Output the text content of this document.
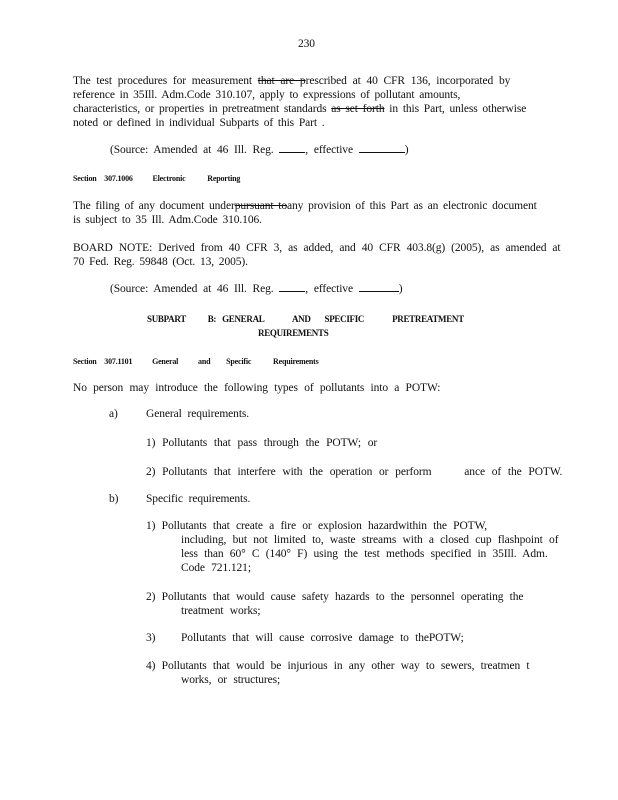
230
The test procedures for measurement that are prescribed at 40 CFR 136, incorporated by
reference in 35Ill. Adm.Code 310.107, apply to expressions of pollutant amounts,
characteristics, or properties in pretreatment standards as set forth in this Part, unless otherwise
noted or defined in individual Subparts of this Part .
(Source: Amended at 46 Ill. Reg.	, effective	)
Section 307.1006 Electronic	Reporting
The filing of any document underpursuant toany provision of this Part as an electronic document
is subject to 35 Ill. Adm.Code 310.106.
BOARD NOTE: Derived from 40 CFR 3, as added, and 40 CFR 403.8(g) (2005), as amended at
70 Fed. Reg. 59848 (Oct. 13, 2005).
(Source: Amended at 46 Ill. Reg.	, effective	)
SUBPART B: GENERAL	AND SPECIFIC	PRETREATMENT
REQUIREMENTS
Section 307.1101 General and Specific	Requirements
No person may introduce the following types of pollutants into a POTW:
a) General requirements.
1) Pollutants that pass through the POTW; or
2) Pollutants that interfere with the operation or perform	ance of the POTW.
b) Specific requirements.
1) Pollutants that create a fire or explosion hazardwithin the POTW,
including, but not limited to, waste streams with a closed cup flashpoint of
less than 60° C (140° F) using the test methods specified in 35Ill. Adm.
Code 721.121;
2) Pollutants that would cause safety hazards to the personnel operating the
treatment works;
3) Pollutants that will cause corrosive damage to thePOTW;
4) Pollutants that would be injurious in any other way to sewers, treatmen t
works, or structures;
